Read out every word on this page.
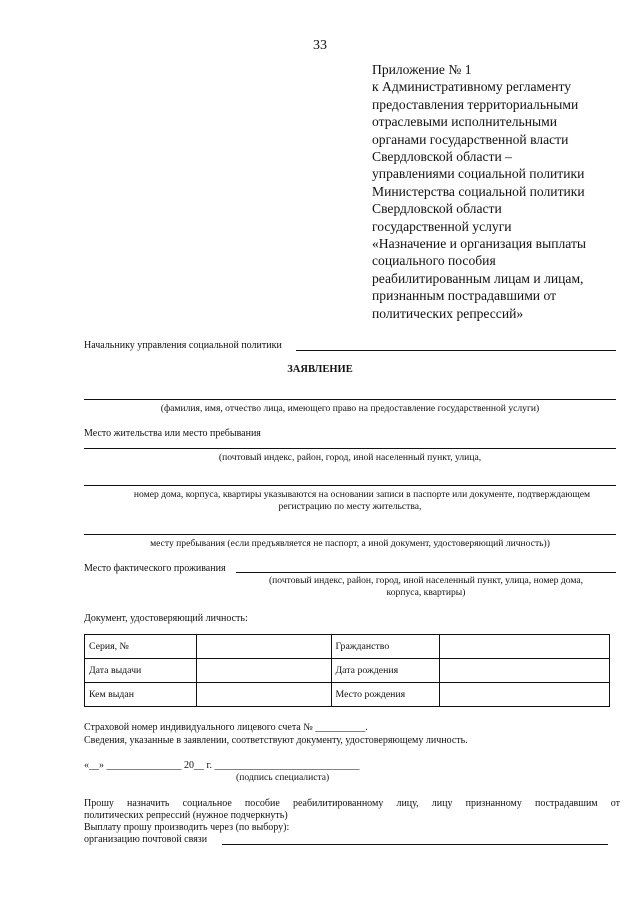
33
Приложение № 1
к Административному регламенту
предоставления территориальными
отраслевыми исполнительными
органами государственной власти
Свердловской области –
управлениями социальной политики
Министерства социальной политики
Свердловской области
государственной услуги
«Назначение и организация выплаты
социального пособия
реабилитированным лицам и лицам,
признанным пострадавшими от
политических репрессий»
Начальнику управления социальной политики
ЗАЯВЛЕНИЕ
(фамилия, имя, отчество лица, имеющего право на предоставление государственной услуги)
Место жительства или место пребывания
(почтовый индекс, район, город, иной населенный пункт, улица,
номер дома, корпуса, квартиры указываются на основании записи в паспорте или документе, подтверждающем
регистрацию по месту жительства,
месту пребывания (если предъявляется не паспорт, а иной документ, удостоверяющий личность))
Место фактического проживания
(почтовый индекс, район, город, иной населенный пункт, улица, номер дома,
корпуса, квартиры)
Документ, удостоверяющий личность:
Серия, №		Гражданство	
Дата выдачи		Дата рождения	
Кем выдан		Место рождения	
Страховой номер индивидуального лицевого счета № __________.
Сведения, указанные в заявлении, соответствуют документу, удостоверяющему личность.
«__» _______________ 20__ г. _____________________________
(подпись специалиста)
Прошу назначить социальное пособие реабилитированному лицу, лицу признанному пострадавшим от
политических репрессий (нужное подчеркнуть)
Выплату прошу производить через (по выбору):
организацию почтовой связи
